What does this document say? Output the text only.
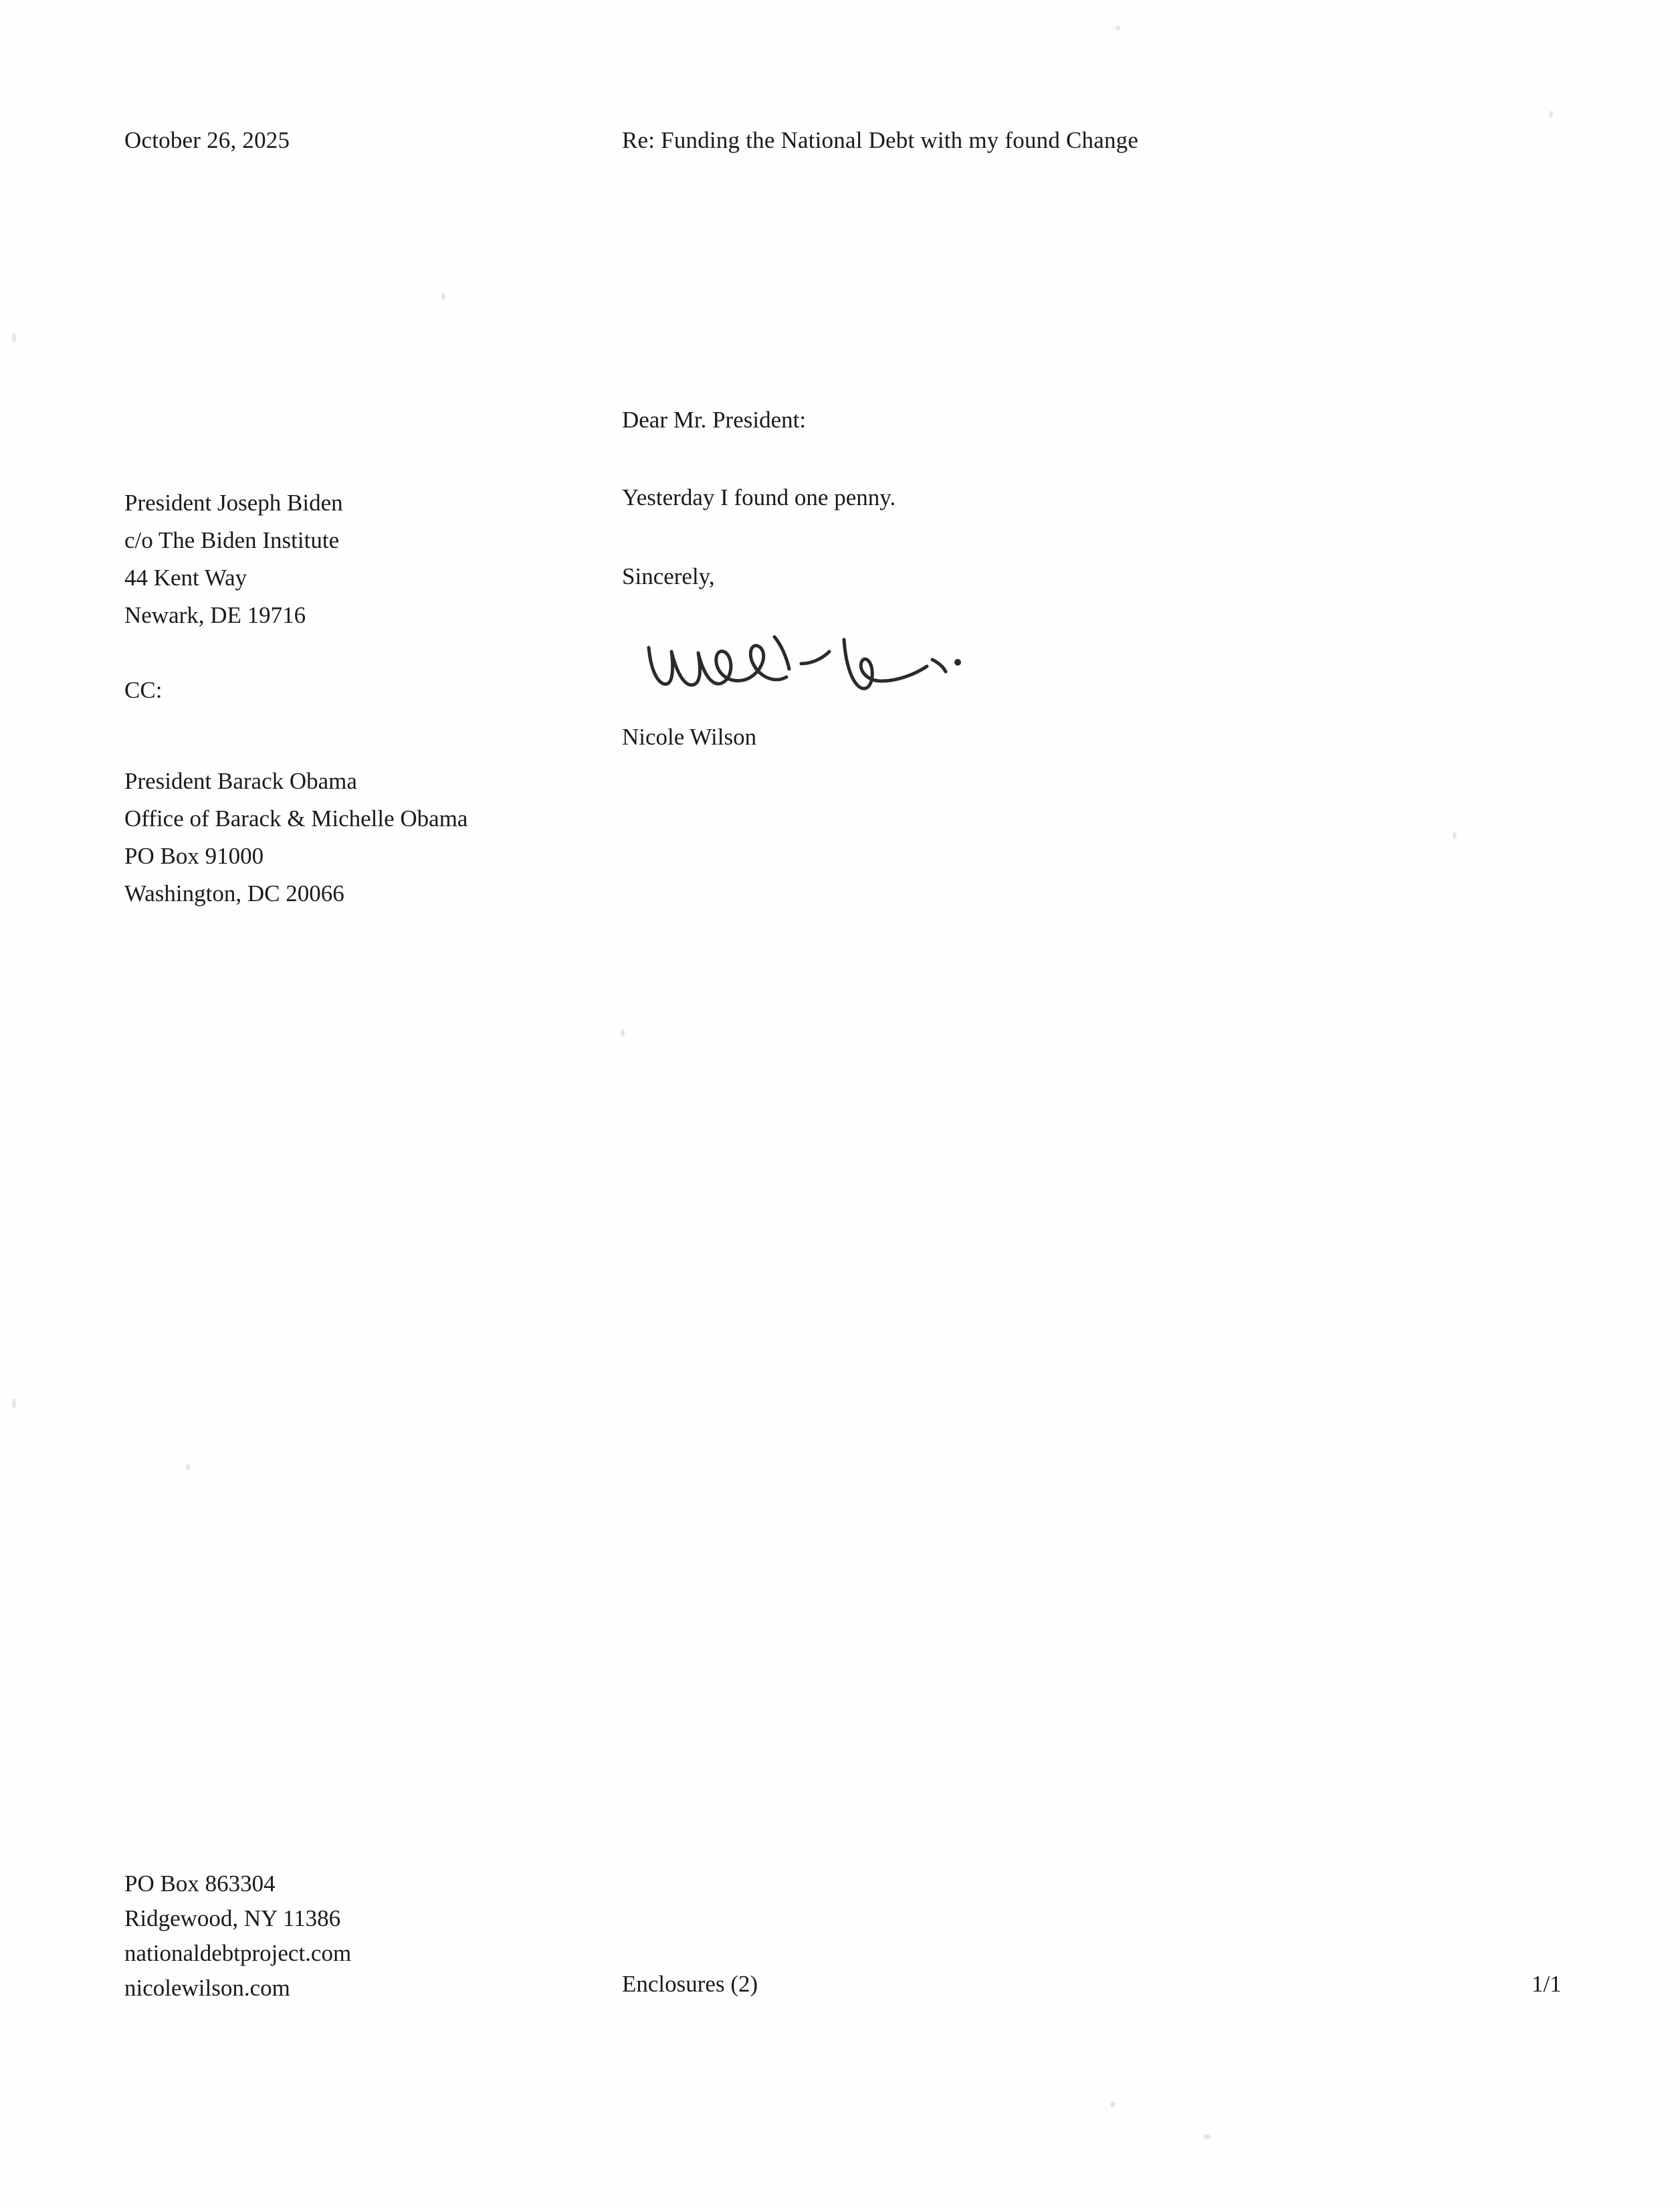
October 26, 2025	Re: Funding the National Debt with my found Change
President Joseph Biden
c/o The Biden Institute
44 Kent Way
Newark, DE 19716
CC:
President Barack Obama
Office of Barack & Michelle Obama
PO Box 91000
Washington, DC 20066
Dear Mr. President:
Yesterday I found one penny.
Sincerely,
Nicole Wilson
PO Box 863304
Ridgewood, NY 11386
nationaldebtproject.com
nicolewilson.com	Enclosures (2)	1/1
